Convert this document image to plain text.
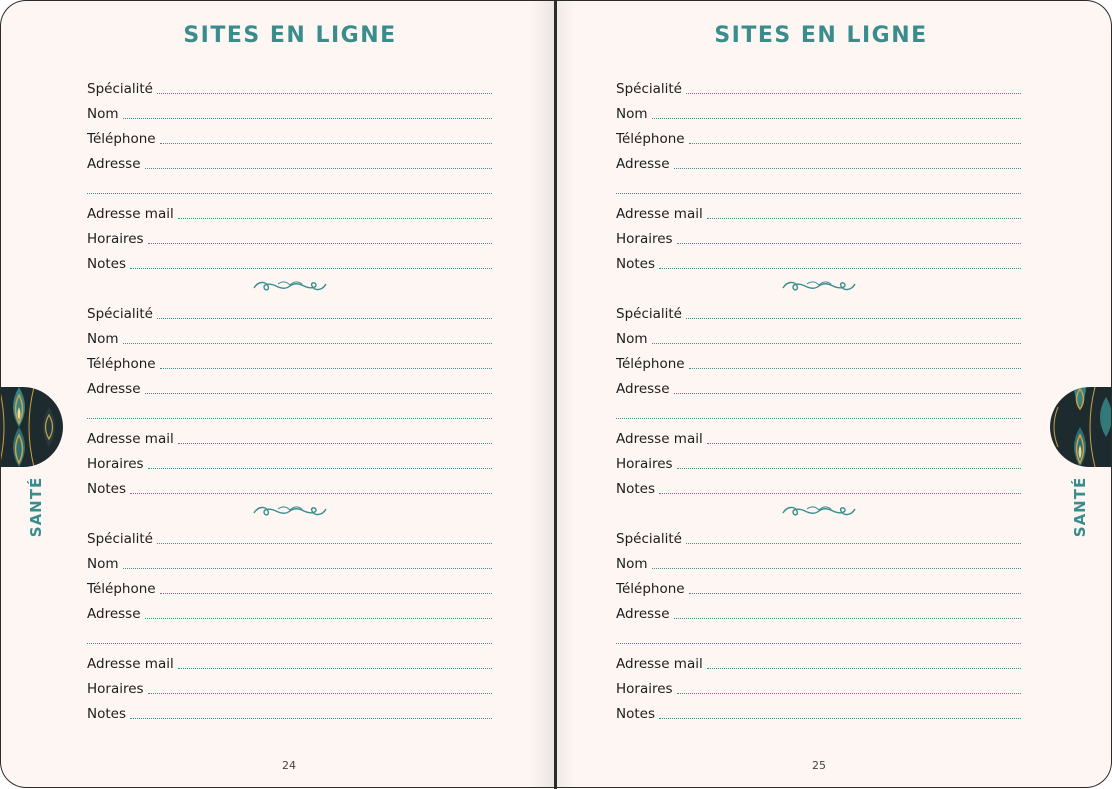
SITES EN LIGNE
Spécialité
Nom
Téléphone
Adresse
Adresse mail
Horaires
Notes
Spécialité
Nom
Téléphone
Adresse
Adresse mail
Horaires
Notes
Spécialité
Nom
Téléphone
Adresse
Adresse mail
Horaires
Notes
SANTÉ
24
SITES EN LIGNE
Spécialité
Nom
Téléphone
Adresse
Adresse mail
Horaires
Notes
Spécialité
Nom
Téléphone
Adresse
Adresse mail
Horaires
Notes
Spécialité
Nom
Téléphone
Adresse
Adresse mail
Horaires
Notes
SANTÉ
25
